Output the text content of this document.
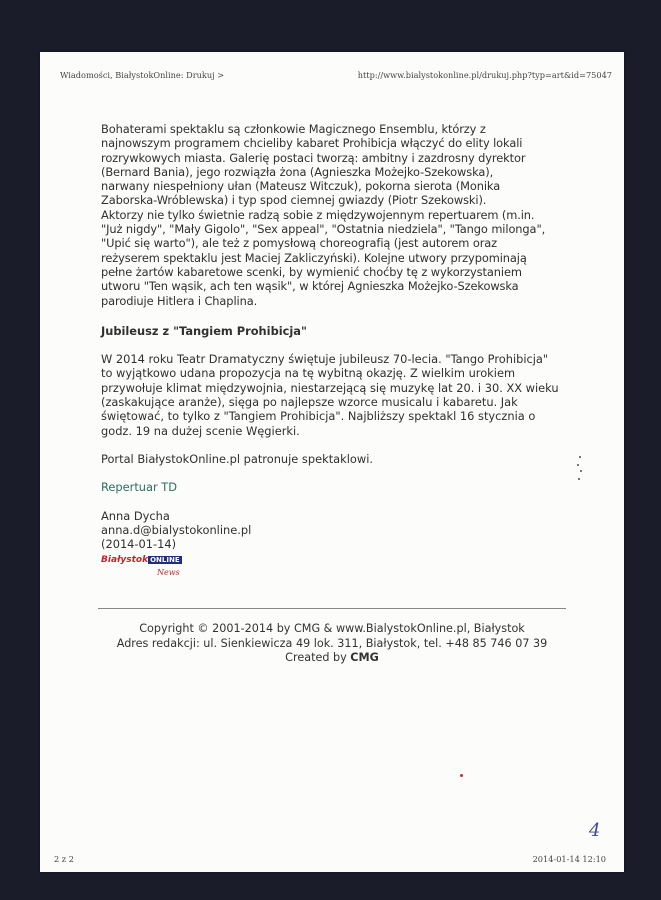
Wiadomości, BiałystokOnline: Drukuj >	http://www.bialystokonline.pl/drukuj.php?typ=art&id=75047

Bohaterami spektaklu są członkowie Magicznego Ensemblu, którzy z
najnowszym programem chcieliby kabaret Prohibicja włączyć do elity lokali
rozrywkowych miasta. Galerię postaci tworzą: ambitny i zazdrosny dyrektor
(Bernard Bania), jego rozwiązła żona (Agnieszka Możejko-Szekowska),
narwany niespełniony ułan (Mateusz Witczuk), pokorna sierota (Monika
Zaborska-Wróblewska) i typ spod ciemnej gwiazdy (Piotr Szekowski).
Aktorzy nie tylko świetnie radzą sobie z międzywojennym repertuarem (m.in.
"Już nigdy", "Mały Gigolo", "Sex appeal", "Ostatnia niedziela", "Tango milonga",
"Upić się warto"), ale też z pomysłową choreografią (jest autorem oraz
reżyserem spektaklu jest Maciej Zakliczyński). Kolejne utwory przypominają
pełne żartów kabaretowe scenki, by wymienić choćby tę z wykorzystaniem
utworu "Ten wąsik, ach ten wąsik", w której Agnieszka Możejko-Szekowska
parodiuje Hitlera i Chaplina.

Jubileusz z "Tangiem Prohibicja"

W 2014 roku Teatr Dramatyczny świętuje jubileusz 70-lecia. "Tango Prohibicja"
to wyjątkowo udana propozycja na tę wybitną okazję. Z wielkim urokiem
przywołuje klimat międzywojnia, niestarzejącą się muzykę lat 20. i 30. XX wieku
(zaskakujące aranże), sięga po najlepsze wzorce musicalu i kabaretu. Jak
świętować, to tylko z "Tangiem Prohibicja". Najbliższy spektakl 16 stycznia o
godz. 19 na dużej scenie Węgierki.

Portal BiałystokOnline.pl patronuje spektaklowi.

Repertuar TD

Anna Dycha
anna.d@bialystokonline.pl
(2014-01-14)

Białystok ONLINE
News
Copyright © 2001-2014 by CMG & www.BialystokOnline.pl, Białystok
Adres redakcji: ul. Sienkiewicza 49 lok. 311, Białystok, tel. +48 85 746 07 39
Created by CMG
4
2 z 2	2014-01-14 12:10
